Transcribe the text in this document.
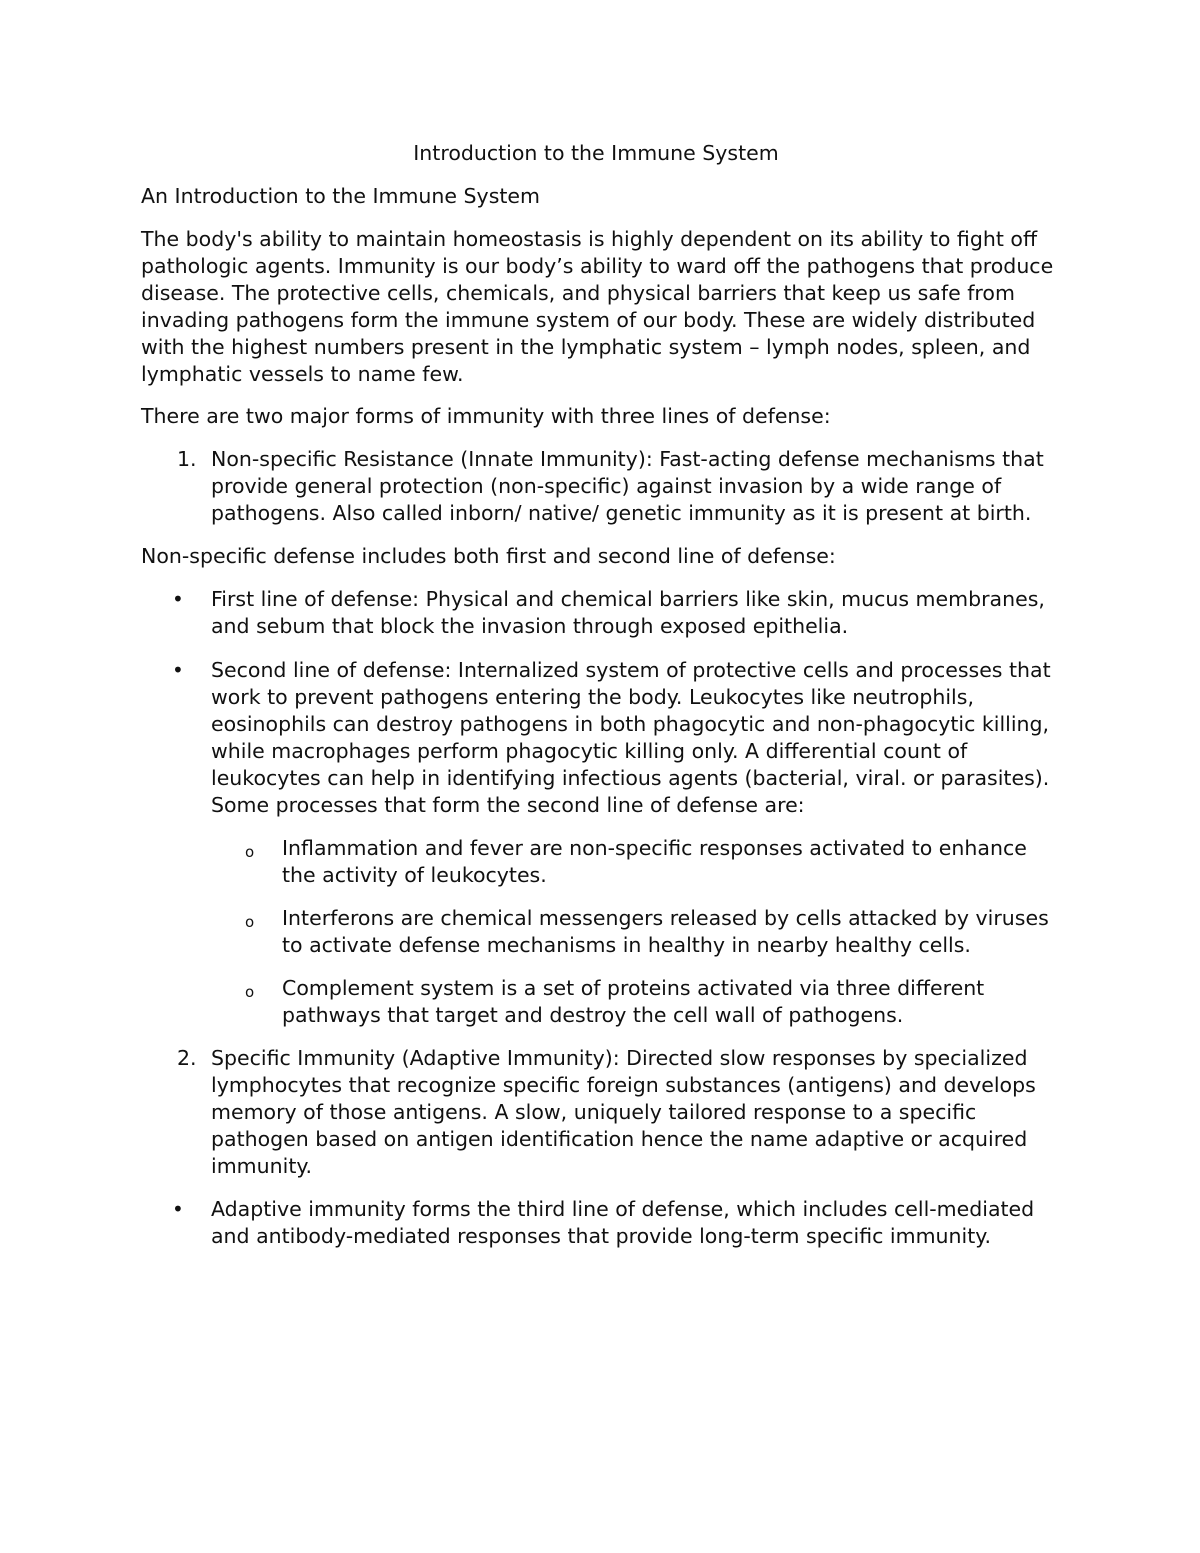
Introduction to the Immune System

An Introduction to the Immune System

The body's ability to maintain homeostasis is highly dependent on its ability to fight off pathologic agents. Immunity is our body’s ability to ward off the pathogens that produce disease. The protective cells, chemicals, and physical barriers that keep us safe from invading pathogens form the immune system of our body. These are widely distributed with the highest numbers present in the lymphatic system – lymph nodes, spleen, and lymphatic vessels to name few.

There are two major forms of immunity with three lines of defense:

1. Non-specific Resistance (Innate Immunity): Fast-acting defense mechanisms that provide general protection (non-specific) against invasion by a wide range of pathogens. Also called inborn/ native/ genetic immunity as it is present at birth.

Non-specific defense includes both first and second line of defense:

• First line of defense: Physical and chemical barriers like skin, mucus membranes, and sebum that block the invasion through exposed epithelia.
• Second line of defense: Internalized system of protective cells and processes that work to prevent pathogens entering the body. Leukocytes like neutrophils, eosinophils can destroy pathogens in both phagocytic and non-phagocytic killing, while macrophages perform phagocytic killing only. A differential count of leukocytes can help in identifying infectious agents (bacterial, viral. or parasites). Some processes that form the second line of defense are:
o Inflammation and fever are non-specific responses activated to enhance the activity of leukocytes.
o Interferons are chemical messengers released by cells attacked by viruses to activate defense mechanisms in healthy in nearby healthy cells.
o Complement system is a set of proteins activated via three different pathways that target and destroy the cell wall of pathogens.
2. Specific Immunity (Adaptive Immunity): Directed slow responses by specialized lymphocytes that recognize specific foreign substances (antigens) and develops memory of those antigens. A slow, uniquely tailored response to a specific pathogen based on antigen identification hence the name adaptive or acquired immunity.
• Adaptive immunity forms the third line of defense, which includes cell-mediated and antibody-mediated responses that provide long-term specific immunity.
